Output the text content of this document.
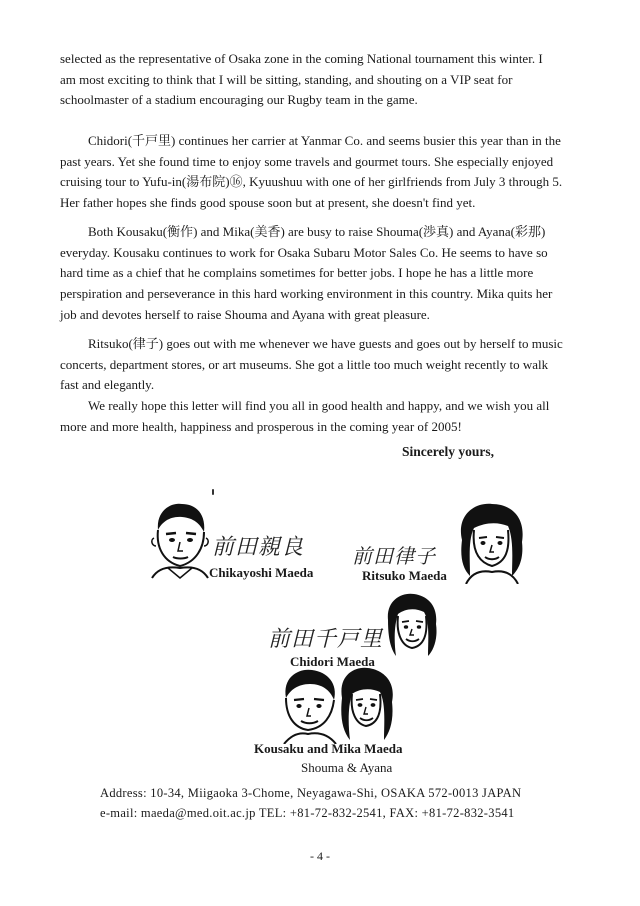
selected as the representative of Osaka zone in the coming National tournament this winter. I
am most exciting to think that I will be sitting, standing, and shouting on a VIP seat for
schoolmaster of a stadium encouraging our Rugby team in the game.
Chidori(千戸里) continues her carrier at Yanmar Co. and seems busier this year than in the
past years. Yet she found time to enjoy some travels and gourmet tours. She especially enjoyed
cruising tour to Yufu-in(湯布院)⑯, Kyuushuu with one of her girlfriends from July 3 through 5.
Her father hopes she finds good spouse soon but at present, she doesn't find yet.
Both Kousaku(衡作) and Mika(美香) are busy to raise Shouma(渉真) and Ayana(彩那)
everyday. Kousaku continues to work for Osaka Subaru Motor Sales Co. He seems to have so
hard time as a chief that he complains sometimes for better jobs. I hope he has a little more
perspiration and perseverance in this hard working environment in this country. Mika quits her
job and devotes herself to raise Shouma and Ayana with great pleasure.
Ritsuko(律子) goes out with me whenever we have guests and goes out by herself to music
concerts, department stores, or art museums. She got a little too much weight recently to walk
fast and elegantly.
We really hope this letter will find you all in good health and happy, and we wish you all
more and more health, happiness and prosperous in the coming year of 2005!
Sincerely yours,
前田親良
Chikayoshi Maeda
前田律子
Ritsuko Maeda
前田千戸里
Chidori Maeda
Kousaku and Mika Maeda
Shouma & Ayana
Address: 10-34, Miigaoka 3-Chome, Neyagawa-Shi, OSAKA 572-0013 JAPAN
e-mail: maeda@med.oit.ac.jp TEL: +81-72-832-2541, FAX: +81-72-832-3541
- 4 -
